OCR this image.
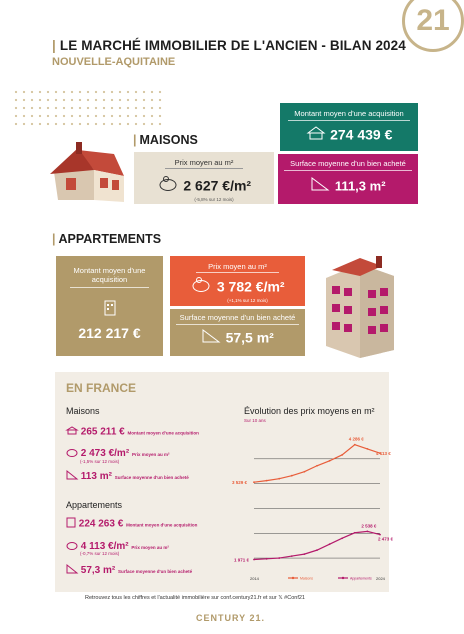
21
| LE MARCHÉ IMMOBILIER DE L'ANCIEN - BILAN 2024
NOUVELLE-AQUITAINE
| MAISONS
Prix moyen au m²
2 627 €/m²
(-5,8% sur 12 mois)
Montant moyen d'une acquisition
274 439 €
Surface moyenne d'un bien acheté
111,3 m²
| APPARTEMENTS
Montant moyen d'une acquisition
212 217 €
Prix moyen au m²
3 782 €/m²
(+1,1% sur 12 mois)
Surface moyenne d'un bien acheté
57,5 m²
EN FRANCE
Maisons
265 211 € Montant moyen d'une acquisition
2 473 €/m² Prix moyen au m²
(-1,5% sur 12 mois)
113 m² Surface moyenne d'un bien acheté
Appartements
224 263 € Montant moyen d'une acquisition
4 113 €/m² Prix moyen au m²
(-0,7% sur 12 mois)
57,3 m² Surface moyenne d'un bien acheté
Évolution des prix moyens en m²
Sur 10 ans
4 286 €
4 113 €
3 529 €
2 538 €
2 473 €
1 971 €
2014	2024
Maisons	Appartements
Retrouvez tous les chiffres et l'actualité immobilière sur conf.century21.fr et sur 𝕏 #Conf21
CENTURY 21.
